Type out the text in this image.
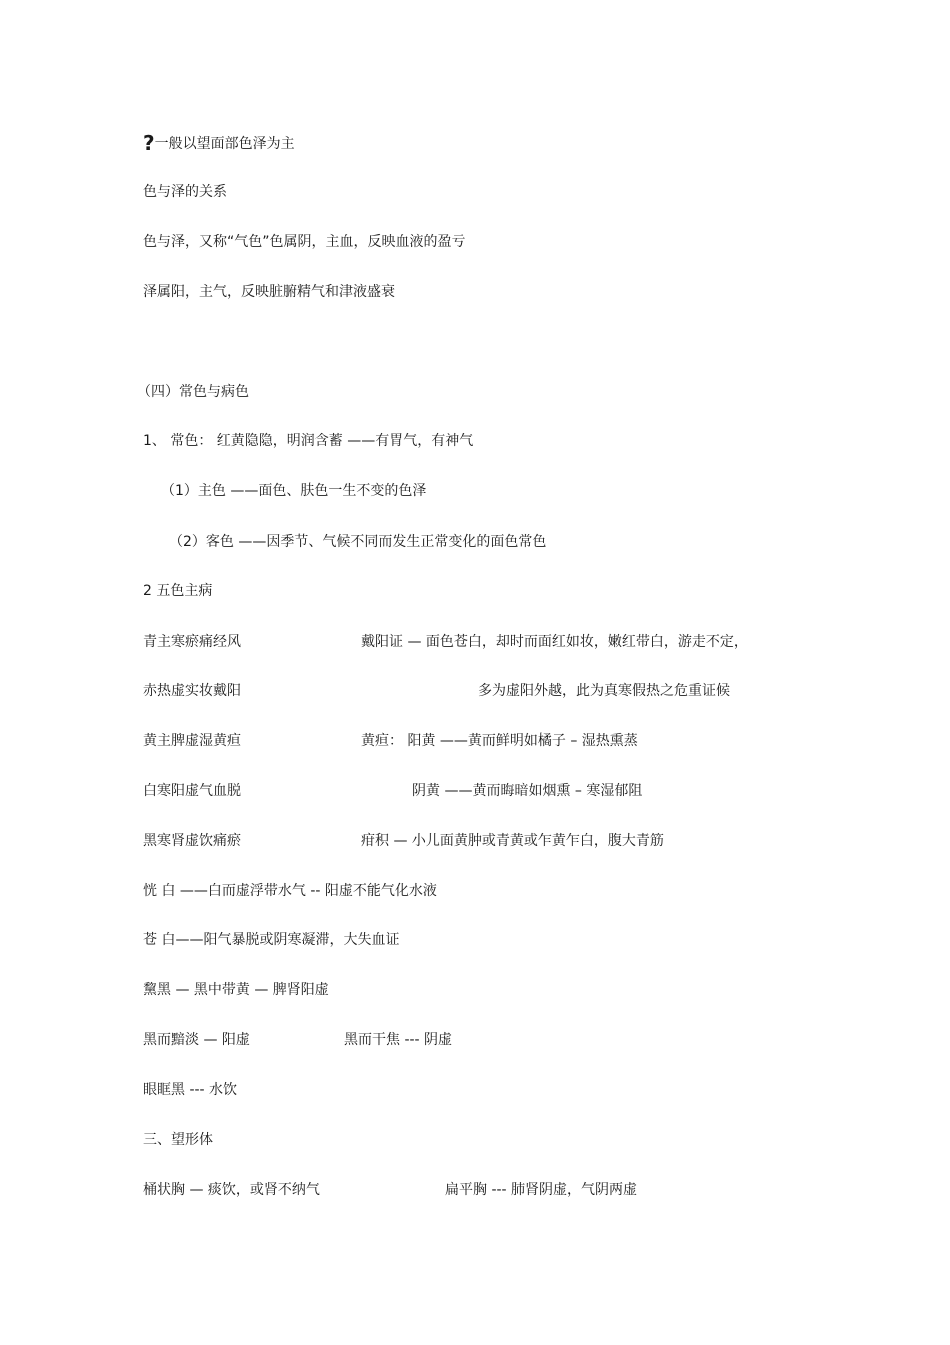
?一般以望面部色泽为主
色与泽的关系
色与泽，又称“气色”色属阴，主血，反映血液的盈亏
泽属阳，主气，反映脏腑精气和津液盛衰
（四）常色与病色
1、 常色： 红黄隐隐，明润含蓄 ——有胃气，有神气
（1）主色 ——面色、肤色一生不变的色泽
（2）客色 ——因季节、气候不同而发生正常变化的面色常色
2 五色主病
青主寒瘀痛经风	戴阳证 — 面色苍白，却时而面红如妆，嫩红带白，游走不定，
赤热虚实妆戴阳	多为虚阳外越，此为真寒假热之危重证候
黄主脾虚湿黄疸	黄疸： 阳黄 ——黄而鲜明如橘子 – 湿热熏蒸
白寒阳虚气血脱	阴黄 ——黄而晦暗如烟熏 – 寒湿郁阻
黑寒肾虚饮痛瘀	疳积 — 小儿面黄肿或青黄或乍黄乍白，腹大青筋
恍 白 ——白而虚浮带水气 -- 阳虚不能气化水液
苍 白——阳气暴脱或阴寒凝滞，大失血证
黧黑 — 黑中带黄 — 脾肾阳虚
黑而黯淡 — 阳虚	黑而干焦 --- 阴虚
眼眶黑 --- 水饮
三、望形体
桶状胸 — 痰饮，或肾不纳气	扁平胸 --- 肺肾阴虚，气阴两虚
